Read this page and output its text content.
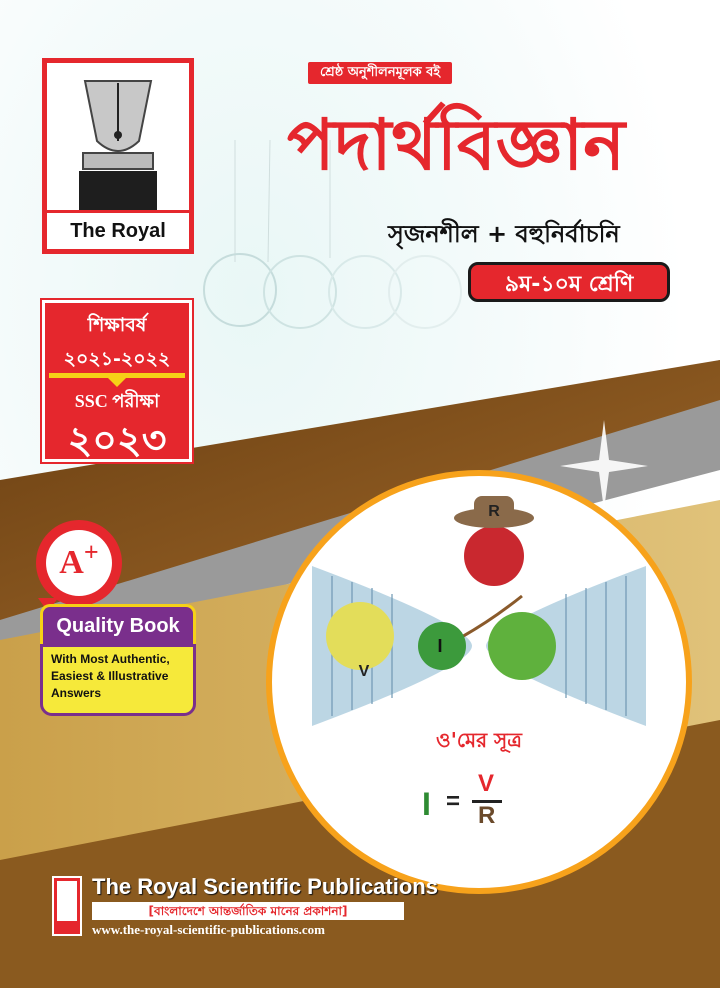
The Royal
শ্রেষ্ঠ অনুশীলনমূলক বই
পদার্থবিজ্ঞান
সৃজনশীল + বহুনির্বাচনি
৯ম-১০ম শ্রেণি
শিক্ষাবর্ষ
২০২১-২০২২
SSC পরীক্ষা
২০২৩
A+
Quality Book
With Most Authentic,
Easiest & Illustrative
Answers
R
V
I
ও'মের সূত্র
I =
V
R
The Royal Scientific Publications
[বাংলাদেশে আন্তর্জাতিক মানের প্রকাশনা]
www.the-royal-scientific-publications.com
